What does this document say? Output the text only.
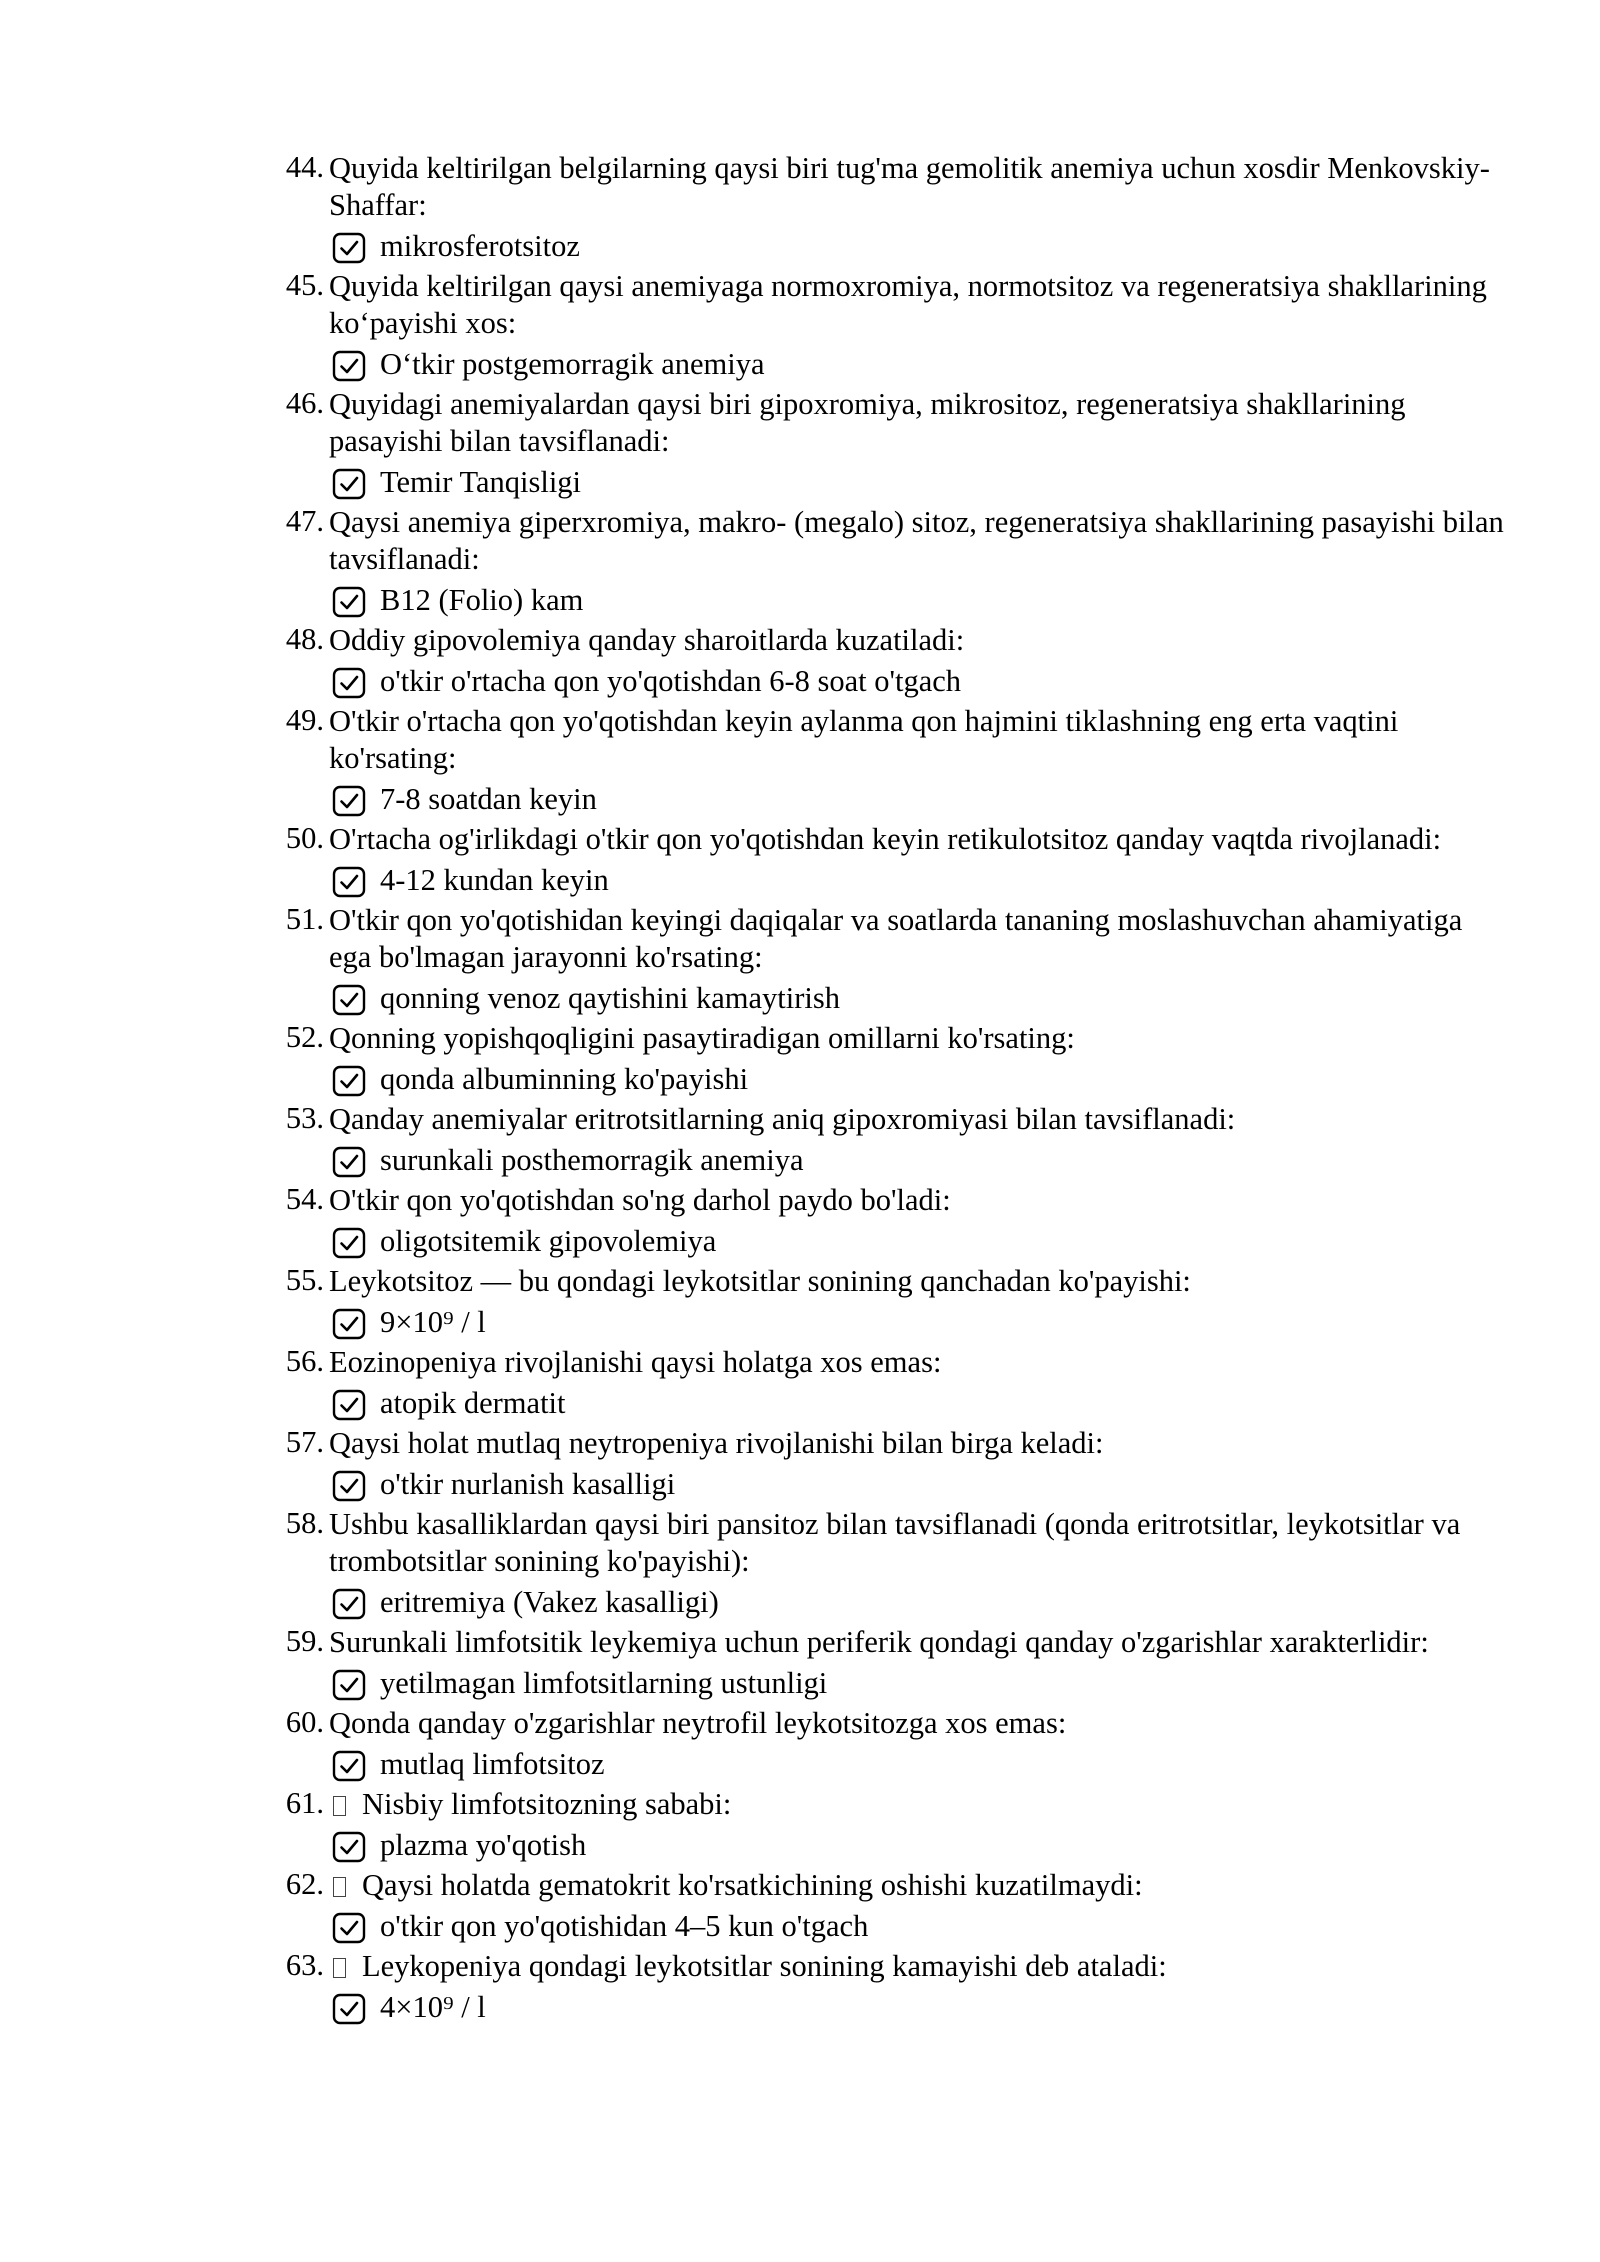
44. Quyida keltirilgan belgilarning qaysi biri tug'ma gemolitik anemiya uchun xosdir Menkovskiy-Shaffar:
mikrosferotsitoz
45. Quyida keltirilgan qaysi anemiyaga normoxromiya, normotsitoz va regeneratsiya shakllarining ko‘payishi xos:
O‘tkir postgemorragik anemiya
46. Quyidagi anemiyalardan qaysi biri gipoxromiya, mikrositoz, regeneratsiya shakllarining pasayishi bilan tavsiflanadi:
Temir Tanqisligi
47. Qaysi anemiya giperxromiya, makro- (megalo) sitoz, regeneratsiya shakllarining pasayishi bilan tavsiflanadi:
B12 (Folio) kam
48. Oddiy gipovolemiya qanday sharoitlarda kuzatiladi:
o'tkir o'rtacha qon yo'qotishdan 6-8 soat o'tgach
49. O'tkir o'rtacha qon yo'qotishdan keyin aylanma qon hajmini tiklashning eng erta vaqtini ko'rsating:
7-8 soatdan keyin
50. O'rtacha og'irlikdagi o'tkir qon yo'qotishdan keyin retikulotsitoz qanday vaqtda rivojlanadi:
4-12 kundan keyin
51. O'tkir qon yo'qotishidan keyingi daqiqalar va soatlarda tananing moslashuvchan ahamiyatiga ega bo'lmagan jarayonni ko'rsating:
qonning venoz qaytishini kamaytirish
52. Qonning yopishqoqligini pasaytiradigan omillarni ko'rsating:
qonda albuminning ko'payishi
53. Qanday anemiyalar eritrotsitlarning aniq gipoxromiyasi bilan tavsiflanadi:
surunkali posthemorragik anemiya
54. O'tkir qon yo'qotishdan so'ng darhol paydo bo'ladi:
oligotsitemik gipovolemiya
55. Leykotsitoz — bu qondagi leykotsitlar sonining qanchadan ko'payishi:
9×10⁹ / l
56. Eozinopeniya rivojlanishi qaysi holatga xos emas:
atopik dermatit
57. Qaysi holat mutlaq neytropeniya rivojlanishi bilan birga keladi:
o'tkir nurlanish kasalligi
58. Ushbu kasalliklardan qaysi biri pansitoz bilan tavsiflanadi (qonda eritrotsitlar, leykotsitlar va trombotsitlar sonining ko'payishi):
eritremiya (Vakez kasalligi)
59. Surunkali limfotsitik leykemiya uchun periferik qondagi qanday o'zgarishlar xarakterlidir:
yetilmagan limfotsitlarning ustunligi
60. Qonda qanday o'zgarishlar neytrofil leykotsitozga xos emas:
mutlaq limfotsitoz
61.	Nisbiy limfotsitozning sababi:
plazma yo'qotish
62.	Qaysi holatda gematokrit ko'rsatkichining oshishi kuzatilmaydi:
o'tkir qon yo'qotishidan 4–5 kun o'tgach
63.	Leykopeniya qondagi leykotsitlar sonining kamayishi deb ataladi:
4×10⁹ / l
